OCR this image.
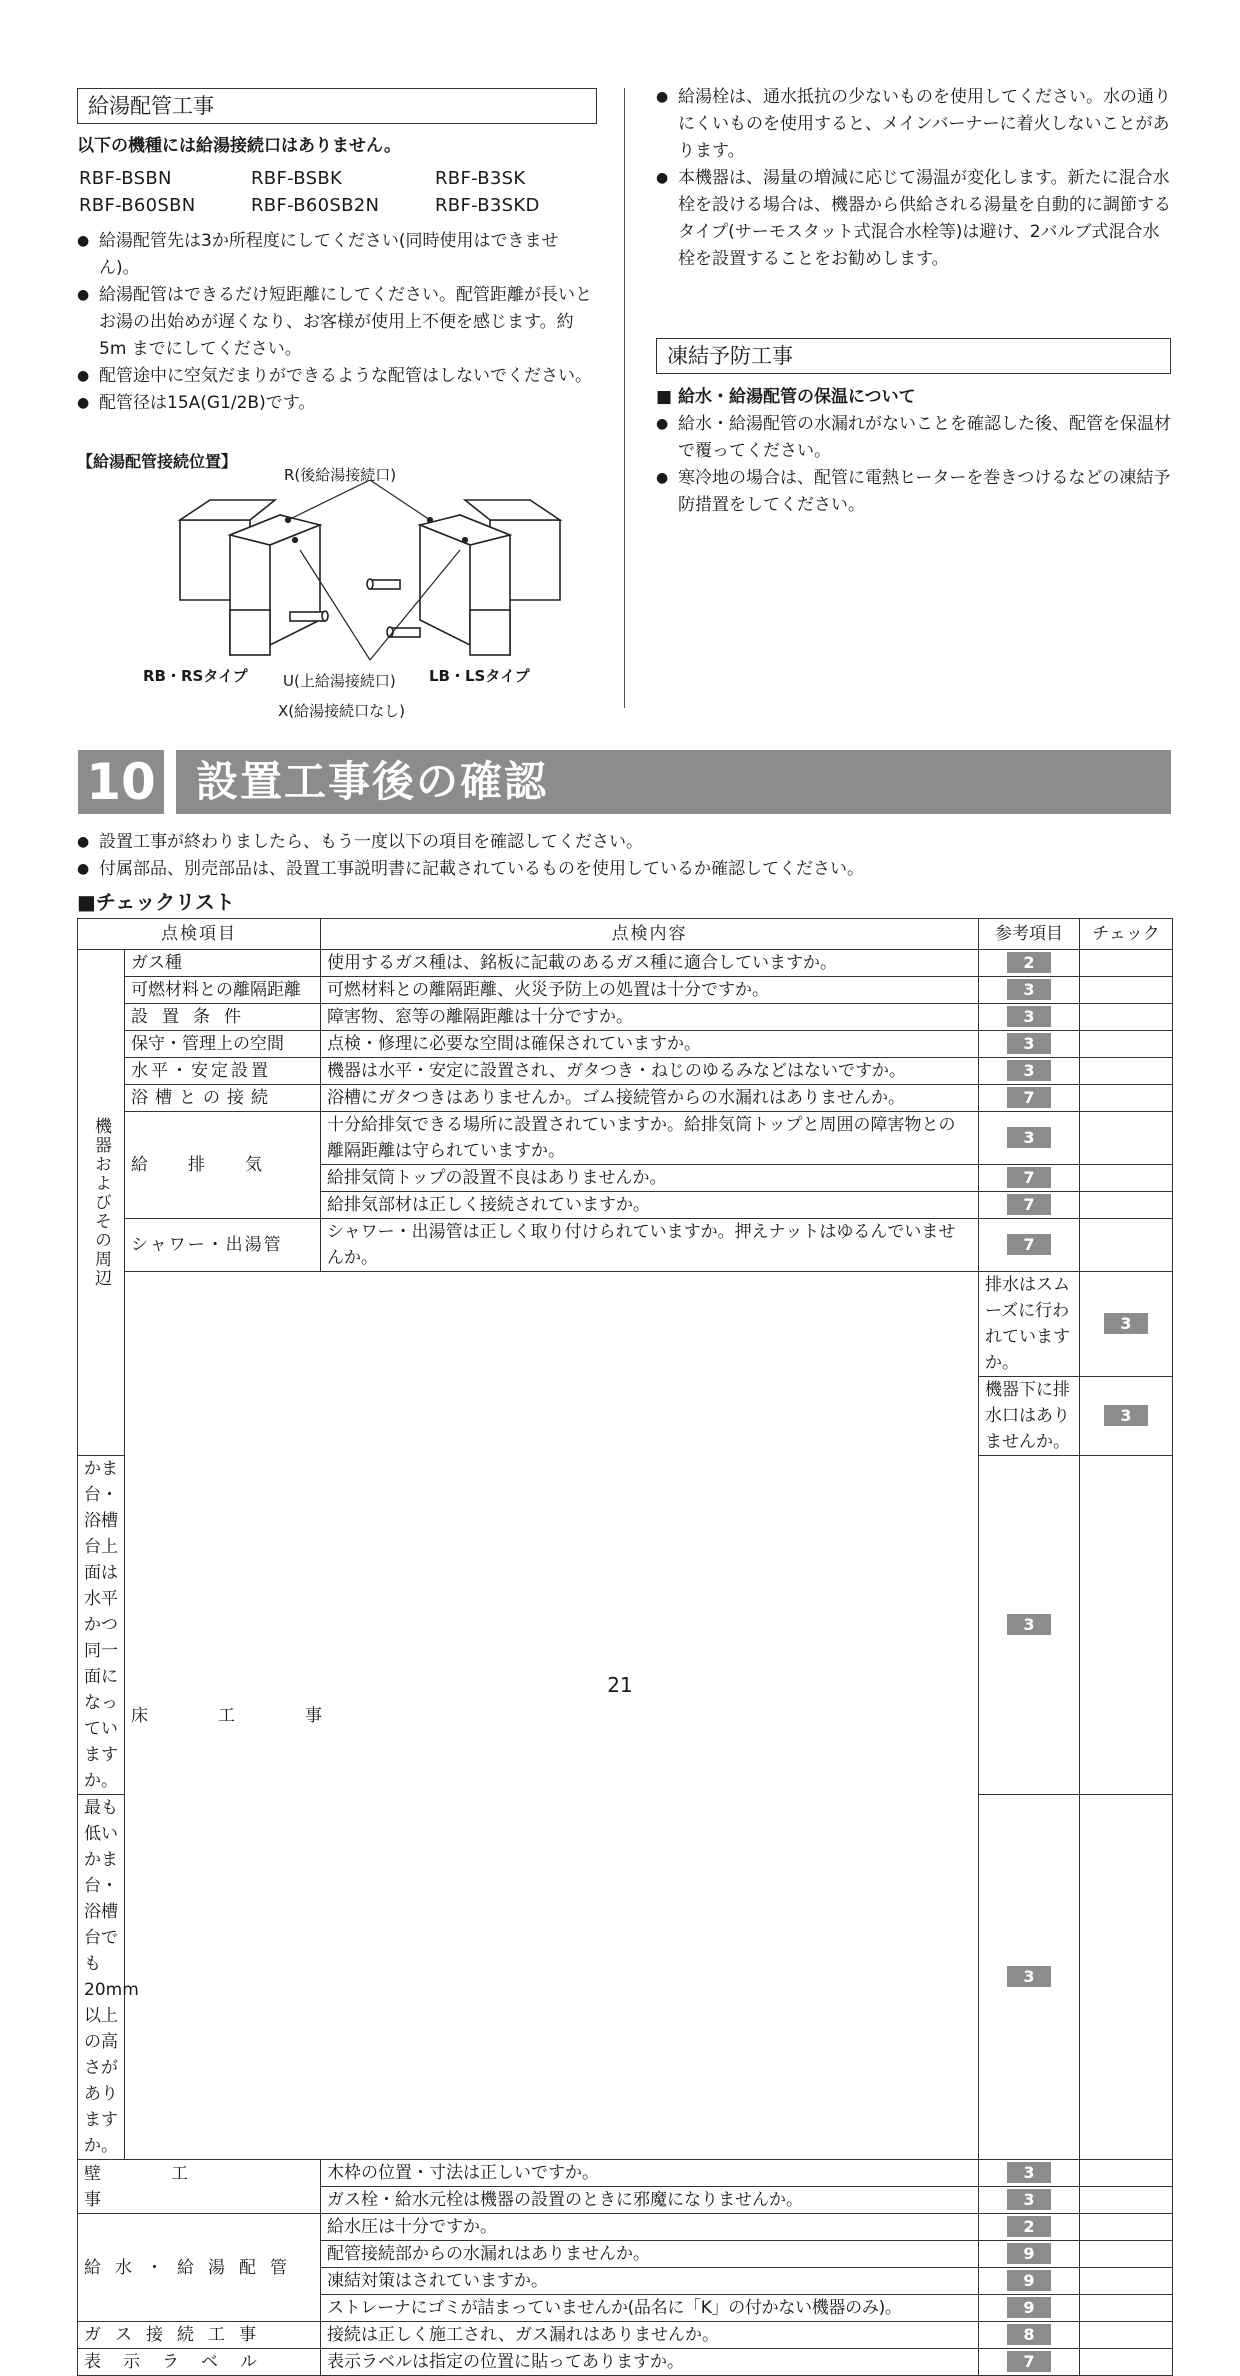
給湯配管工事
以下の機種には給湯接続口はありません。
RBF-BSBN	RBF-BSBK	RBF-B3SK
RBF-B60SBN	RBF-B60SB2N	RBF-B3SKD
● 給湯配管先は3か所程度にしてください(同時使用はできません)。
● 給湯配管はできるだけ短距離にしてください。配管距離が長いとお湯の出始めが遅くなり、お客様が使用上不便を感じます。約 5m までにしてください。
● 配管途中に空気だまりができるような配管はしないでください。
● 配管径は15A(G1/2B)です。
【給湯配管接続位置】
R(後給湯接続口)
RB・RSタイプ U(上給湯接続口) LB・LSタイプ
X(給湯接続口なし)
● 給湯栓は、通水抵抗の少ないものを使用してください。水の通りにくいものを使用すると、メインバーナーに着火しないことがあります。
● 本機器は、湯量の増減に応じて湯温が変化します。新たに混合水栓を設ける場合は、機器から供給される湯量を自動的に調節するタイプ(サーモスタット式混合水栓等)は避け、2バルブ式混合水栓を設置することをお勧めします。
凍結予防工事
■ 給水・給湯配管の保温について
● 給水・給湯配管の水漏れがないことを確認した後、配管を保温材で覆ってください。
● 寒冷地の場合は、配管に電熱ヒーターを巻きつけるなどの凍結予防措置をしてください。
10 設置工事後の確認
● 設置工事が終わりましたら、もう一度以下の項目を確認してください。
● 付属部品、別売部品は、設置工事説明書に記載されているものを使用しているか確認してください。
■チェックリスト
点検項目		点検内容	参考項目	チェック	
機器およびその周辺	ガス種	使用するガス種は、銘板に記載のあるガス種に適合していますか。	2		
	可燃材料との離隔距離	可燃材料との離隔距離、火災予防上の処置は十分ですか。	3		
	設置条件	障害物、窓等の離隔距離は十分ですか。	3		
	保守・管理上の空間	点検・修理に必要な空間は確保されていますか。	3		
	水平・安定設置	機器は水平・安定に設置され、ガタつき・ねじのゆるみなどはないですか。	3		
	浴槽との接続	浴槽にガタつきはありませんか。ゴム接続管からの水漏れはありませんか。	7		
	給排気	十分給排気できる場所に設置されていますか。給排気筒トップと周囲の障害物との離隔距離は守られていますか。	3		
		給排気筒トップの設置不良はありませんか。	7		
		給排気部材は正しく接続されていますか。	7		
	シャワー・出湯管	シャワー・出湯管は正しく取り付けられていますか。押えナットはゆるんでいませんか。	7		
	床工事		排水はスムーズに行われていますか。	3	
			機器下に排水口はありませんか。	3	
かま台・浴槽台上面は水平かつ同一面になっていますか。			3		
最も低いかま台・浴槽台でも 20mm 以上の高さがありますか。			3		
壁工事		木枠の位置・寸法は正しいですか。	3		
		ガス栓・給水元栓は機器の設置のときに邪魔になりませんか。	3		
給水・給湯配管		給水圧は十分ですか。	2		
		配管接続部からの水漏れはありませんか。	9		
		凍結対策はされていますか。	9		
		ストレーナにゴミが詰まっていませんか(品名に「K」の付かない機器のみ)。	9		
ガス接続工事		接続は正しく施工され、ガス漏れはありませんか。	8		
表示ラベル		表示ラベルは指定の位置に貼ってありますか。	7		
21
